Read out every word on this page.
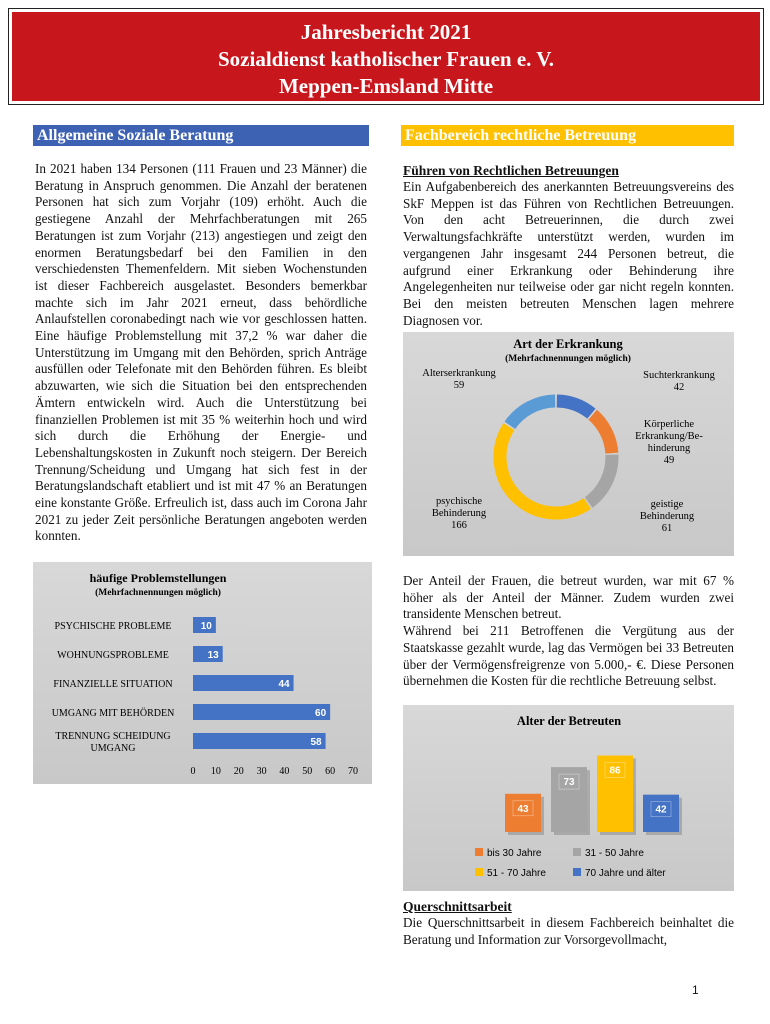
Jahresbericht 2021
Sozialdienst katholischer Frauen e. V.
Meppen-Emsland Mitte
Allgemeine Soziale Beratung	Fachbereich rechtliche Betreuung
In 2021 haben 134 Personen (111 Frauen und 23 Männer) die Beratung in Anspruch genommen. Die Anzahl der beratenen Personen hat sich zum Vorjahr (109) erhöht. Auch die gestiegene Anzahl der Mehrfachberatungen mit 265 Beratungen ist zum Vorjahr (213) angestiegen und zeigt den enormen Beratungsbedarf bei den Familien in den verschiedensten Themenfeldern. Mit sieben Wochenstunden ist dieser Fachbereich ausgelastet. Besonders bemerkbar machte sich im Jahr 2021 erneut, dass behördliche Anlaufstellen coronabedingt nach wie vor geschlossen hatten. Eine häufige Problemstellung mit 37,2 % war daher die Unterstützung im Umgang mit den Behörden, sprich Anträge ausfüllen oder Telefonate mit den Behörden führen. Es bleibt abzuwarten, wie sich die Situation bei den entsprechenden Ämtern entwickeln wird. Auch die Unterstützung bei finanziellen Problemen ist mit 35 % weiterhin hoch und wird sich durch die Erhöhung der Energie- und Lebenshaltungskosten in Zukunft noch steigern. Der Bereich Trennung/Scheidung und Umgang hat sich fest in der Beratungslandschaft etabliert und ist mit 47 % an Beratungen eine konstante Größe. Erfreulich ist, dass auch im Corona Jahr 2021 zu jeder Zeit persönliche Beratungen angeboten werden konnten.
Führen von Rechtlichen Betreuungen
Ein Aufgabenbereich des anerkannten Betreuungsvereins des SkF Meppen ist das Führen von Rechtlichen Betreuungen. Von den acht Betreuerinnen, die durch zwei Verwaltungsfachkräfte unterstützt werden, wurden im vergangenen Jahr insgesamt 244 Personen betreut, die aufgrund einer Erkrankung oder Behinderung ihre Angelegenheiten nur teilweise oder gar nicht regeln konnten. Bei den meisten betreuten Menschen lagen mehrere Diagnosen vor.
Art der Erkrankung
(Mehrfachnennungen möglich)
Suchterkrankung
42
Körperliche
Erkrankung/Be-
hinderung
49
geistige
Behinderung
61
psychische
Behinderung
166
Alterserkrankung
59
häufige Problemstellungen
(Mehrfachnennungen möglich)
10
PSYCHISCHE PROBLEME
13
WOHNUNGSPROBLEME
44
FINANZIELLE SITUATION
60
UMGANG MIT BEHÖRDEN
58
TRENNUNG SCHEIDUNG
UMGANG
0 10 20 30 40 50 60 70
Der Anteil der Frauen, die betreut wurden, war mit 67 % höher als der Anteil der Männer. Zudem wurden zwei transidente Menschen betreut.
Während bei 211 Betroffenen die Vergütung aus der Staatskasse gezahlt wurde, lag das Vermögen bei 33 Betreuten über der Vermögensfreigrenze von 5.000,- €. Diese Personen übernehmen die Kosten für die rechtliche Betreuung selbst.
Alter der Betreuten
43
73
86
42
bis 30 Jahre	31 - 50 Jahre
51 - 70 Jahre	70 Jahre und älter
Querschnittsarbeit
Die Querschnittsarbeit in diesem Fachbereich beinhaltet die Beratung und Information zur Vorsorgevollmacht,
1
